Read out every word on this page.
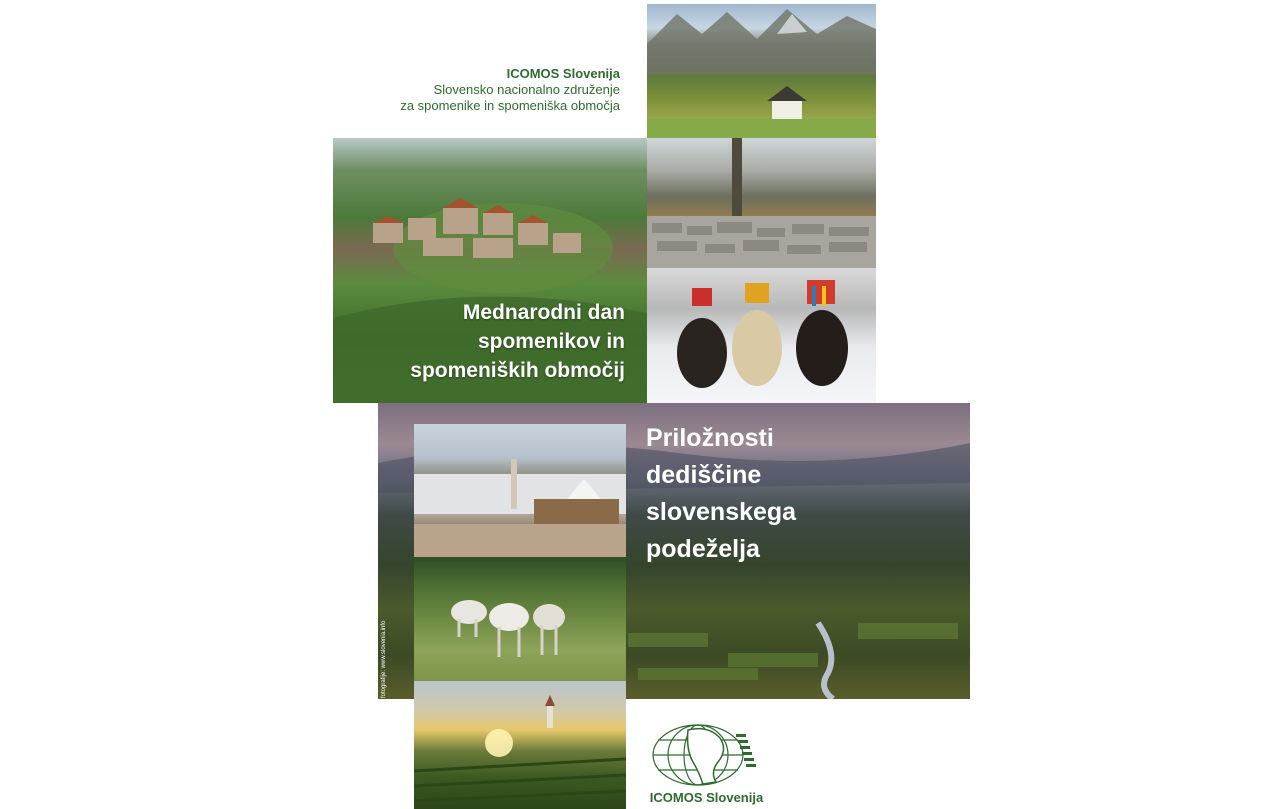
ICOMOS Slovenija
Slovensko nacionalno združenje
za spomenike in spomeniška območja
Mednarodni dan
spomenikov in
spomeniških območij
Priložnosti
dediščine
slovenskega
podeželja
fotografije: www.slovenia.info
ICOMOS Slovenija
